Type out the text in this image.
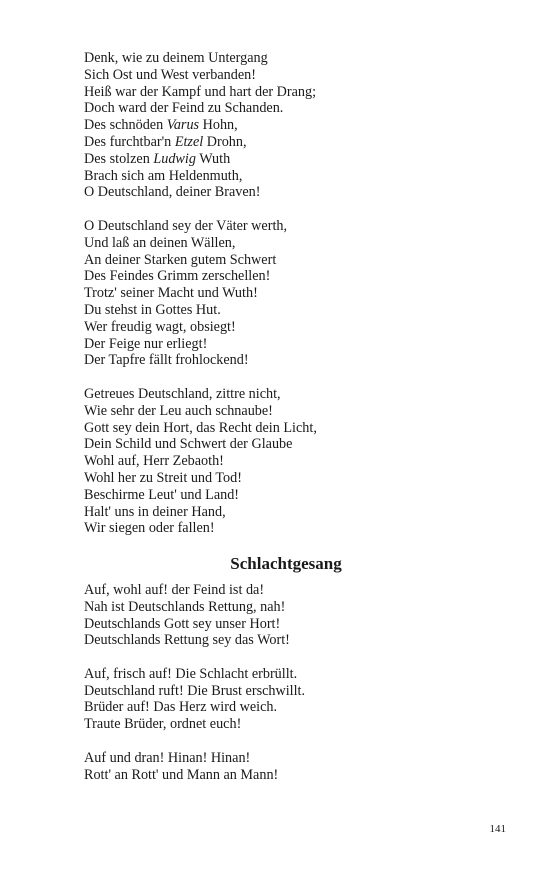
Denk, wie zu deinem Untergang
Sich Ost und West verbanden!
Heiß war der Kampf und hart der Drang;
Doch ward der Feind zu Schanden.
Des schnöden Varus Hohn,
Des furchtbar'n Etzel Drohn,
Des stolzen Ludwig Wuth
Brach sich am Heldenmuth,
O Deutschland, deiner Braven!
O Deutschland sey der Väter werth,
Und laß an deinen Wällen,
An deiner Starken gutem Schwert
Des Feindes Grimm zerschellen!
Trotz' seiner Macht und Wuth!
Du stehst in Gottes Hut.
Wer freudig wagt, obsiegt!
Der Feige nur erliegt!
Der Tapfre fällt frohlockend!
Getreues Deutschland, zittre nicht,
Wie sehr der Leu auch schnaube!
Gott sey dein Hort, das Recht dein Licht,
Dein Schild und Schwert der Glaube
Wohl auf, Herr Zebaoth!
Wohl her zu Streit und Tod!
Beschirme Leut' und Land!
Halt' uns in deiner Hand,
Wir siegen oder fallen!
Schlachtgesang
Auf, wohl auf! der Feind ist da!
Nah ist Deutschlands Rettung, nah!
Deutschlands Gott sey unser Hort!
Deutschlands Rettung sey das Wort!
Auf, frisch auf! Die Schlacht erbrüllt.
Deutschland ruft! Die Brust erschwillt.
Brüder auf! Das Herz wird weich.
Traute Brüder, ordnet euch!
Auf und dran! Hinan! Hinan!
Rott' an Rott' und Mann an Mann!
141
